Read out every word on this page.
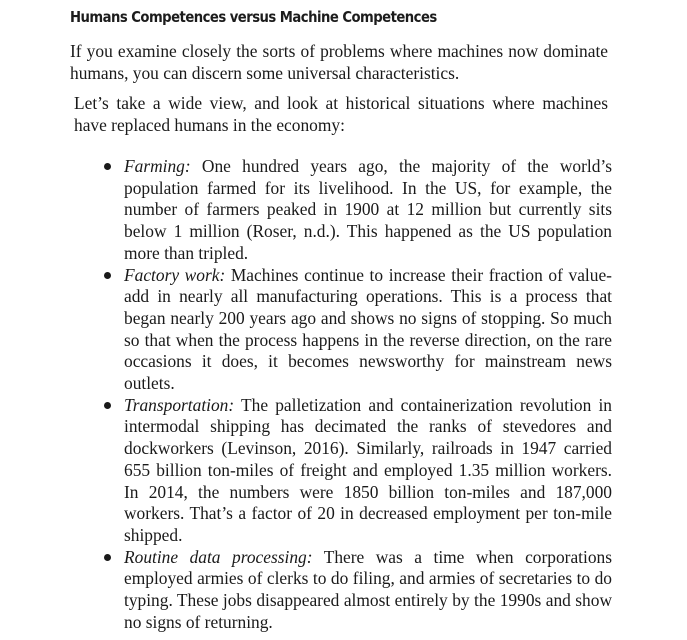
Humans Competences versus Machine Competences

If you examine closely the sorts of problems where machines now dominate humans, you can discern some universal characteristics.

Let’s take a wide view, and look at historical situations where machines have replaced humans in the economy:

Farming: One hundred years ago, the majority of the world’s population farmed for its livelihood. In the US, for example, the number of farmers peaked in 1900 at 12 million but currently sits below 1 million (Roser, n.d.). This happened as the US population more than tripled.
Factory work: Machines continue to increase their fraction of value-add in nearly all manufacturing operations. This is a process that began nearly 200 years ago and shows no signs of stopping. So much so that when the process happens in the reverse direction, on the rare occasions it does, it becomes newsworthy for mainstream news outlets.
Transportation: The palletization and containerization revolution in intermodal shipping has decimated the ranks of stevedores and dockworkers (Levinson, 2016). Similarly, railroads in 1947 carried 655 billion ton-miles of freight and employed 1.35 million workers. In 2014, the numbers were 1850 billion ton-miles and 187,000 workers. That’s a factor of 20 in decreased employment per ton-mile shipped.
Routine data processing: There was a time when corporations employed armies of clerks to do filing, and armies of secretaries to do typing. These jobs disappeared almost entirely by the 1990s and show no signs of returning.
